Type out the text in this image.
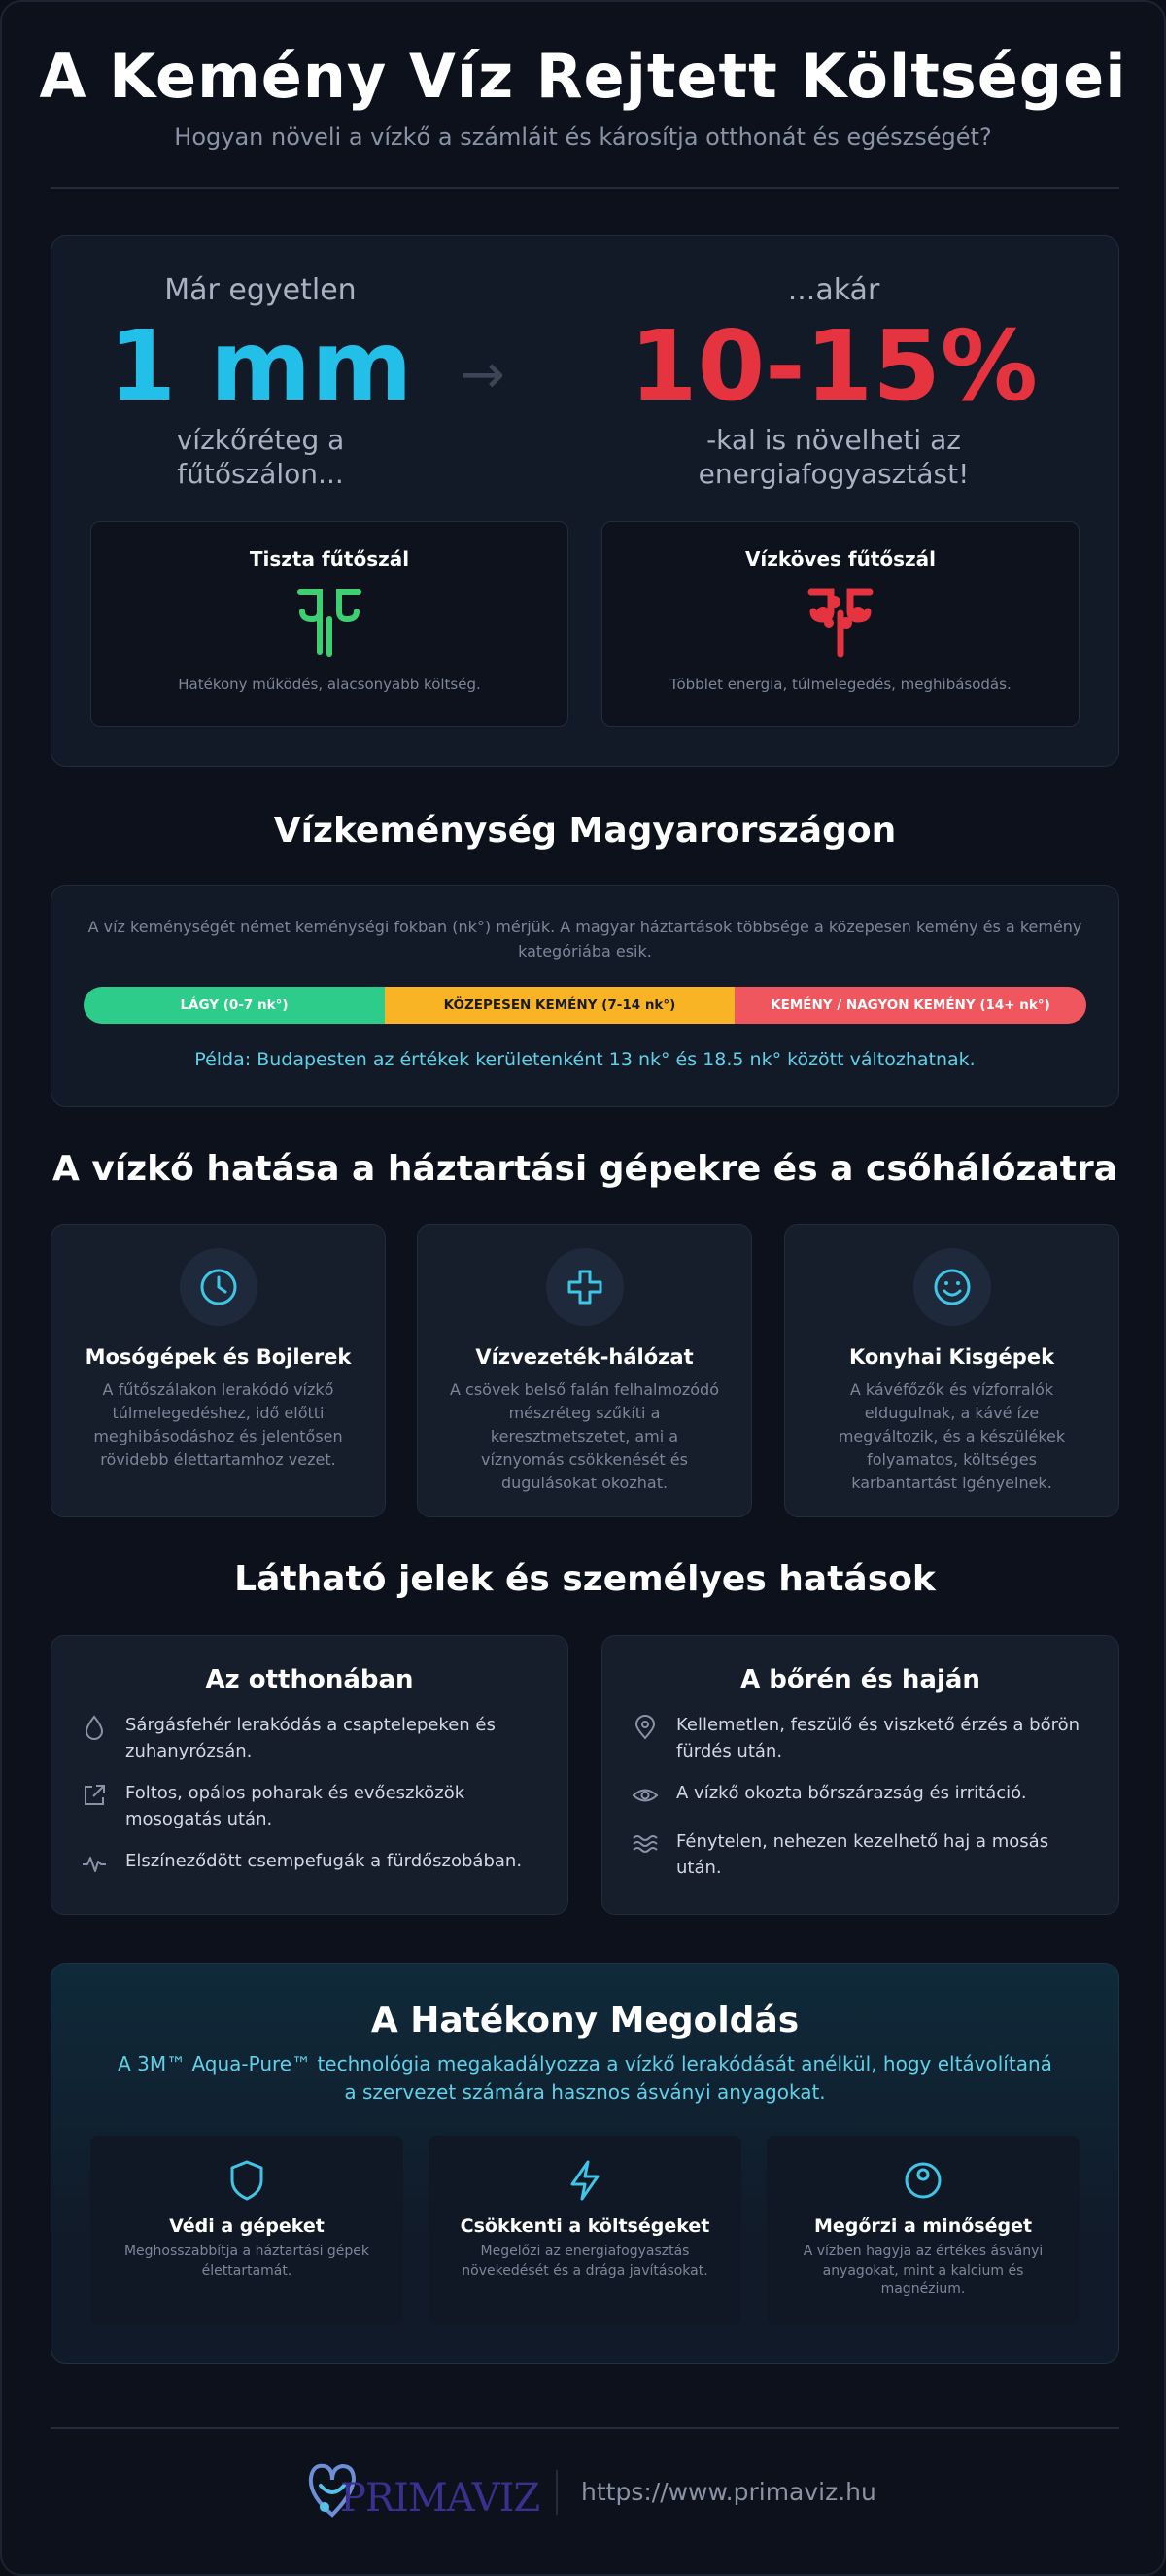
A Kemény Víz Rejtett Költségei
Hogyan növeli a vízkő a számláit és károsítja otthonát és egészségét?
Már egyetlen
1 mm
vízkőréteg a
fűtőszálon...
→
...akár
10-15%
-kal is növelheti az
energiafogyasztást!
Tiszta fűtőszál
Hatékony működés, alacsonyabb költség.
Vízköves fűtőszál
Többlet energia, túlmelegedés, meghibásodás.
Vízkeménység Magyarországon
A víz keménységét német keménységi fokban (nk°) mérjük. A magyar háztartások többsége a közepesen kemény és a kemény kategóriába esik.
LÁGY (0-7 nk°)	KÖZEPESEN KEMÉNY (7-14 nk°)	KEMÉNY / NAGYON KEMÉNY (14+ nk°)
Példa: Budapesten az értékek kerületenként 13 nk° és 18.5 nk° között változhatnak.
A vízkő hatása a háztartási gépekre és a csőhálózatra
Mosógépek és Bojlerek
A fűtőszálakon lerakódó vízkő túlmelegedéshez, idő előtti meghibásodáshoz és jelentősen rövidebb élettartamhoz vezet.
Vízvezeték-hálózat
A csövek belső falán felhalmozódó mészréteg szűkíti a keresztmetszetet, ami a víznyomás csökkenését és dugulásokat okozhat.
Konyhai Kisgépek
A kávéfőzők és vízforralók eldugulnak, a kávé íze megváltozik, és a készülékek folyamatos, költséges karbantartást igényelnek.
Látható jelek és személyes hatások
Az otthonában
Sárgásfehér lerakódás a csaptelepeken és zuhanyrózsán.
Foltos, opálos poharak és evőeszközök mosogatás után.
Elszíneződött csempefugák a fürdőszobában.
A bőrén és haján
Kellemetlen, feszülő és viszkető érzés a bőrön fürdés után.
A vízkő okozta bőrszárazság és irritáció.
Fénytelen, nehezen kezelhető haj a mosás után.
A Hatékony Megoldás
A 3M™ Aqua-Pure™ technológia megakadályozza a vízkő lerakódását anélkül, hogy eltávolítaná a szervezet számára hasznos ásványi anyagokat.
Védi a gépeket
Meghosszabbítja a háztartási gépek élettartamát.
Csökkenti a költségeket
Megelőzi az energiafogyasztás növekedését és a drága javításokat.
Megőrzi a minőséget
A vízben hagyja az értékes ásványi anyagokat, mint a kalcium és magnézium.
PRIMAVIZ https://www.primaviz.hu
